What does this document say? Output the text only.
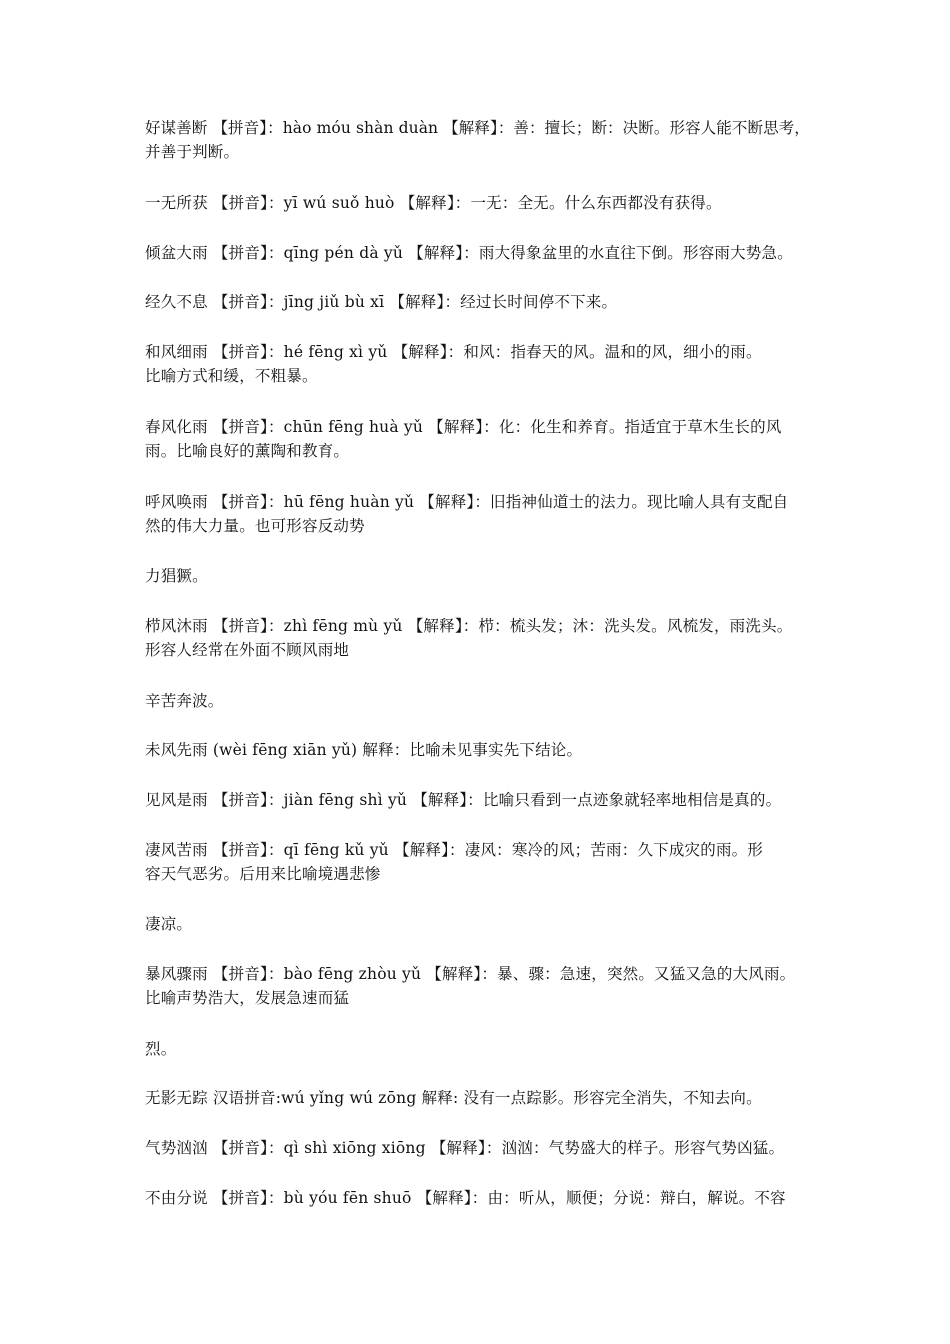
好谋善断 【拼音】：hào móu shàn duàn 【解释】：善：擅长；断：决断。形容人能不断思考，
并善于判断。
一无所获 【拼音】：yī wú suǒ huò 【解释】：一无：全无。什么东西都没有获得。
倾盆大雨 【拼音】：qīng pén dà yǔ 【解释】：雨大得象盆里的水直往下倒。形容雨大势急。
经久不息 【拼音】：jīng jiǔ bù xī 【解释】：经过长时间停不下来。
和风细雨 【拼音】：hé fēng xì yǔ 【解释】：和风：指春天的风。温和的风，细小的雨。
比喻方式和缓，不粗暴。
春风化雨 【拼音】：chūn fēng huà yǔ 【解释】：化：化生和养育。指适宜于草木生长的风
雨。比喻良好的薰陶和教育。
呼风唤雨 【拼音】：hū fēng huàn yǔ 【解释】：旧指神仙道士的法力。现比喻人具有支配自
然的伟大力量。也可形容反动势
力猖獗。
栉风沐雨 【拼音】：zhì fēng mù yǔ 【解释】：栉：梳头发；沐：洗头发。风梳发，雨洗头。
形容人经常在外面不顾风雨地
辛苦奔波。
未风先雨 (wèi fēng xiān yǔ) 解释：比喻未见事实先下结论。
见风是雨 【拼音】：jiàn fēng shì yǔ 【解释】：比喻只看到一点迹象就轻率地相信是真的。
凄风苦雨 【拼音】：qī fēng kǔ yǔ 【解释】：凄风：寒冷的风；苦雨：久下成灾的雨。形
容天气恶劣。后用来比喻境遇悲惨
凄凉。
暴风骤雨 【拼音】：bào fēng zhòu yǔ 【解释】：暴、骤：急速，突然。又猛又急的大风雨。
比喻声势浩大，发展急速而猛
烈。
无影无踪 汉语拼音:wú yǐng wú zōng 解释: 没有一点踪影。形容完全消失，不知去向。
气势汹汹 【拼音】：qì shì xiōng xiōng 【解释】：汹汹：气势盛大的样子。形容气势凶猛。
不由分说 【拼音】：bù yóu fēn shuō 【解释】：由：听从，顺便；分说：辩白，解说。不容
